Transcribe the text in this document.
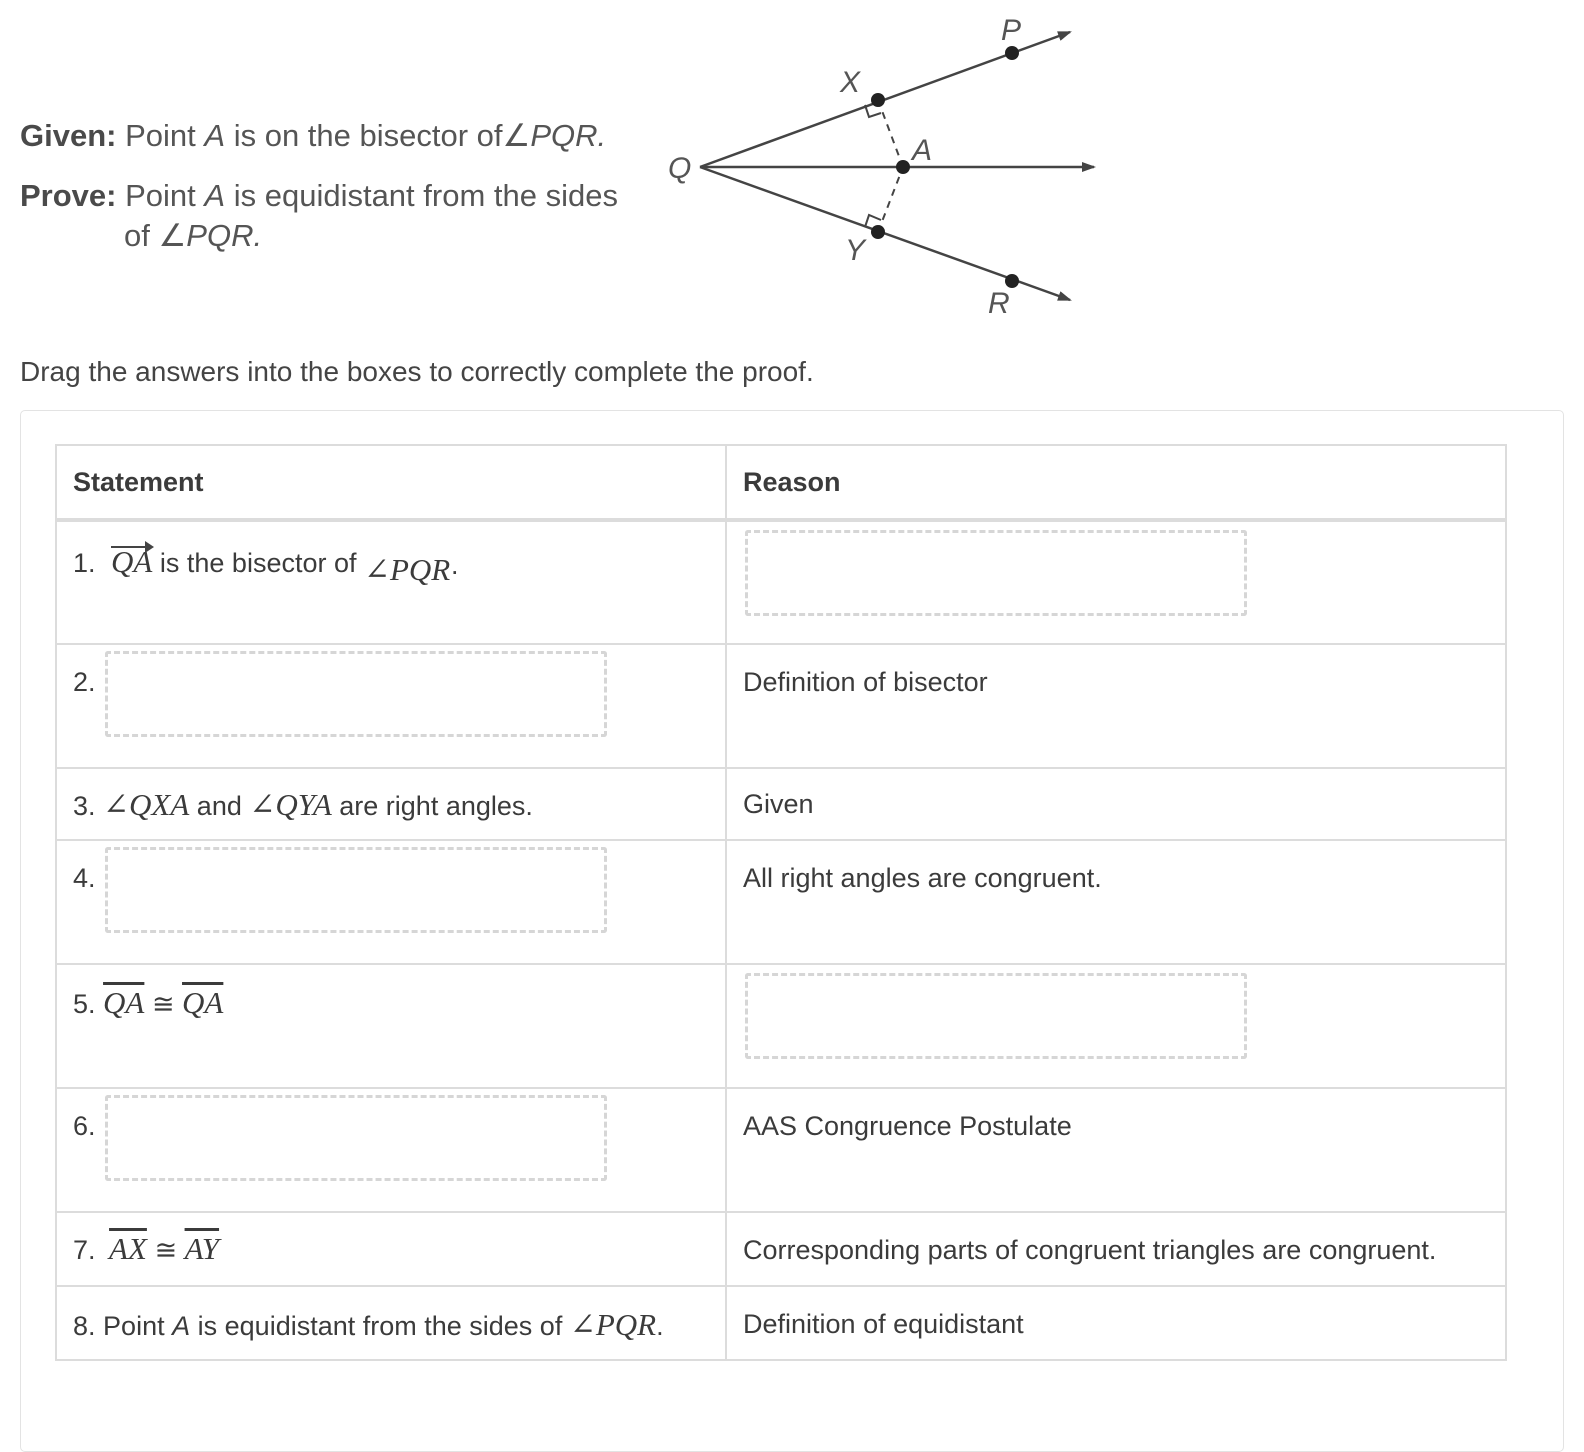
Given: Point A is on the bisector of∠PQR.
Prove: Point A is equidistant from the sides
of ∠PQR.
P
X
Q
A
Y
R
Drag the answers into the boxes to correctly complete the proof.
Statement	Reason
1. QA is the bisector of ∠PQR·	

2.	Definition of bisector
3. ∠QXA and ∠QYA are right angles.	Given
4.	All right angles are congruent.
5. $\overline{QA}$ ≅ $\overline{QA}$	

6.	AAS Congruence Postulate
7. $\overline{AX}$ ≅ $\overline{AY}$	Corresponding parts of congruent triangles are congruent.
8. Point A is equidistant from the sides of ∠PQR.	Definition of equidistant
